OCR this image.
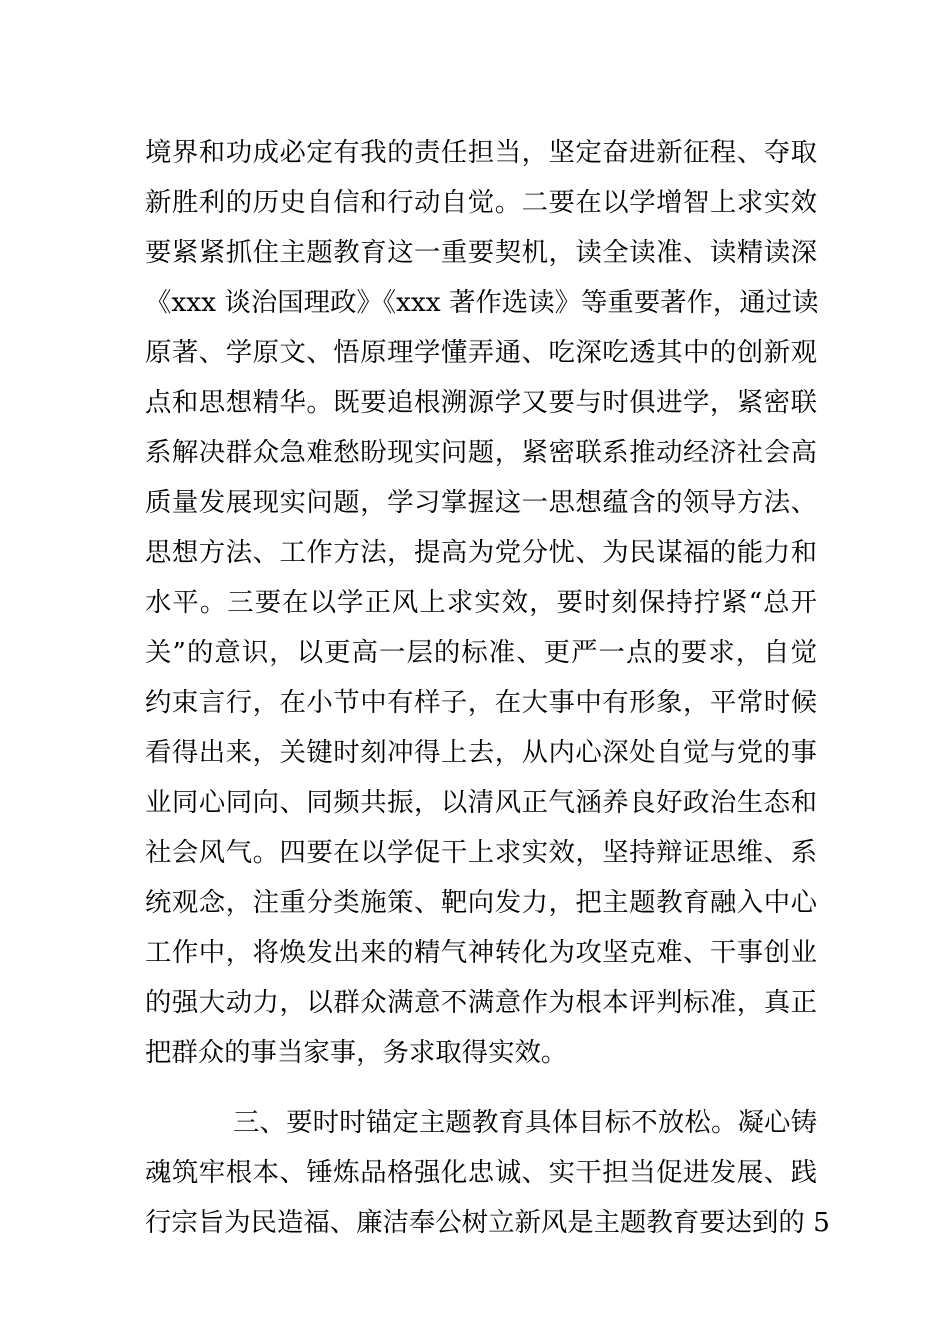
境界和功成必定有我的责任担当，坚定奋进新征程、夺取
新胜利的历史自信和行动自觉。二要在以学增智上求实效
要紧紧抓住主题教育这一重要契机，读全读准、读精读深
《xxx 谈治国理政》《xxx 著作选读》等重要著作，通过读
原著、学原文、悟原理学懂弄通、吃深吃透其中的创新观
点和思想精华。既要追根溯源学又要与时俱进学，紧密联
系解决群众急难愁盼现实问题，紧密联系推动经济社会高
质量发展现实问题，学习掌握这一思想蕴含的领导方法、
思想方法、工作方法，提高为党分忧、为民谋福的能力和
水平。三要在以学正风上求实效，要时刻保持拧紧“总开
关”的意识，以更高一层的标准、更严一点的要求，自觉
约束言行，在小节中有样子，在大事中有形象，平常时候
看得出来，关键时刻冲得上去，从内心深处自觉与党的事
业同心同向、同频共振，以清风正气涵养良好政治生态和
社会风气。四要在以学促干上求实效，坚持辩证思维、系
统观念，注重分类施策、靶向发力，把主题教育融入中心
工作中，将焕发出来的精气神转化为攻坚克难、干事创业
的强大动力，以群众满意不满意作为根本评判标准，真正
把群众的事当家事，务求取得实效。
三、要时时锚定主题教育具体目标不放松。凝心铸
魂筑牢根本、锤炼品格强化忠诚、实干担当促进发展、践
行宗旨为民造福、廉洁奉公树立新风是主题教育要达到的 5
